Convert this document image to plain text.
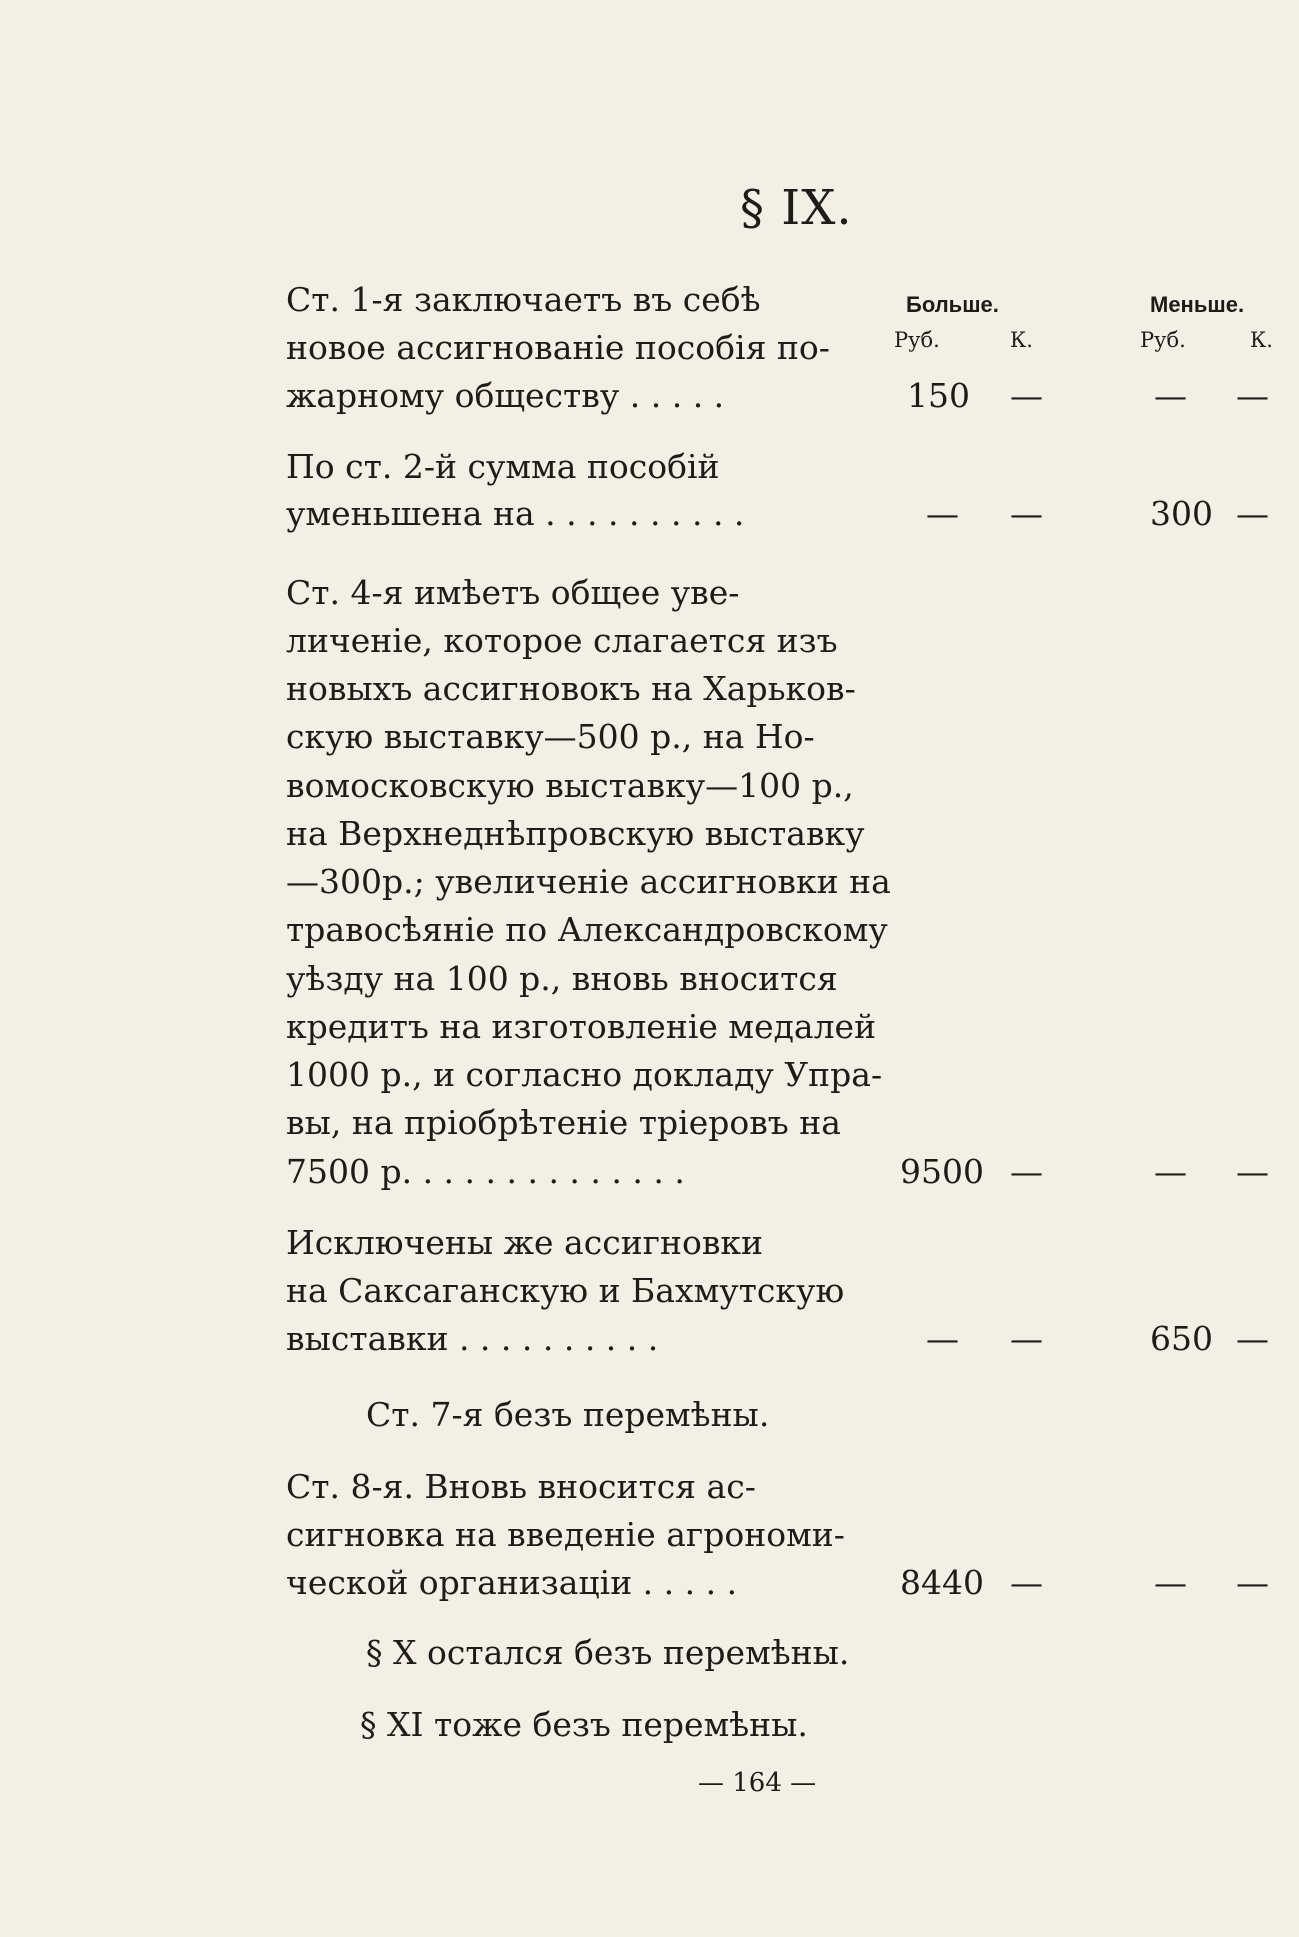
§ IX.
Больше.	Меньше.
Руб.	К.	Руб.	К.
Ст. 1-я заключаетъ въ себѣ
новое ассигнованіе пособія по-
жарному обществу . . . . .	150 —	— —
По ст. 2-й сумма пособій
уменьшена на . . . . . . . . . .	— —	300 —
Ст. 4-я имѣетъ общее уве-
личеніе, которое слагается изъ
новыхъ ассигновокъ на Харьков-
скую выставку—500 р., на Но-
вомосковскую выставку—100 р.,
на Верхнеднѣпровскую выставку
—300р.; увеличеніе ассигновки на
травосѣяніе по Александровскому
уѣзду на 100 р., вновь вносится
кредитъ на изготовленіе медалей
1000 р., и согласно докладу Упра-
вы, на пріобрѣтеніе тріеровъ на
7500 р. . . . . . . . . . . . . .	9500 —	— —
Исключены же ассигновки
на Саксаганскую и Бахмутскую
выставки . . . . . . . . . .	— —	650 —
Ст. 7-я безъ перемѣны.
Ст. 8-я. Вновь вносится ас-
сигновка на введеніе агрономи-
ческой организаціи . . . . .	8440 —	— —
§ X остался безъ перемѣны.
§ XI тоже безъ перемѣны.
— 164 —
